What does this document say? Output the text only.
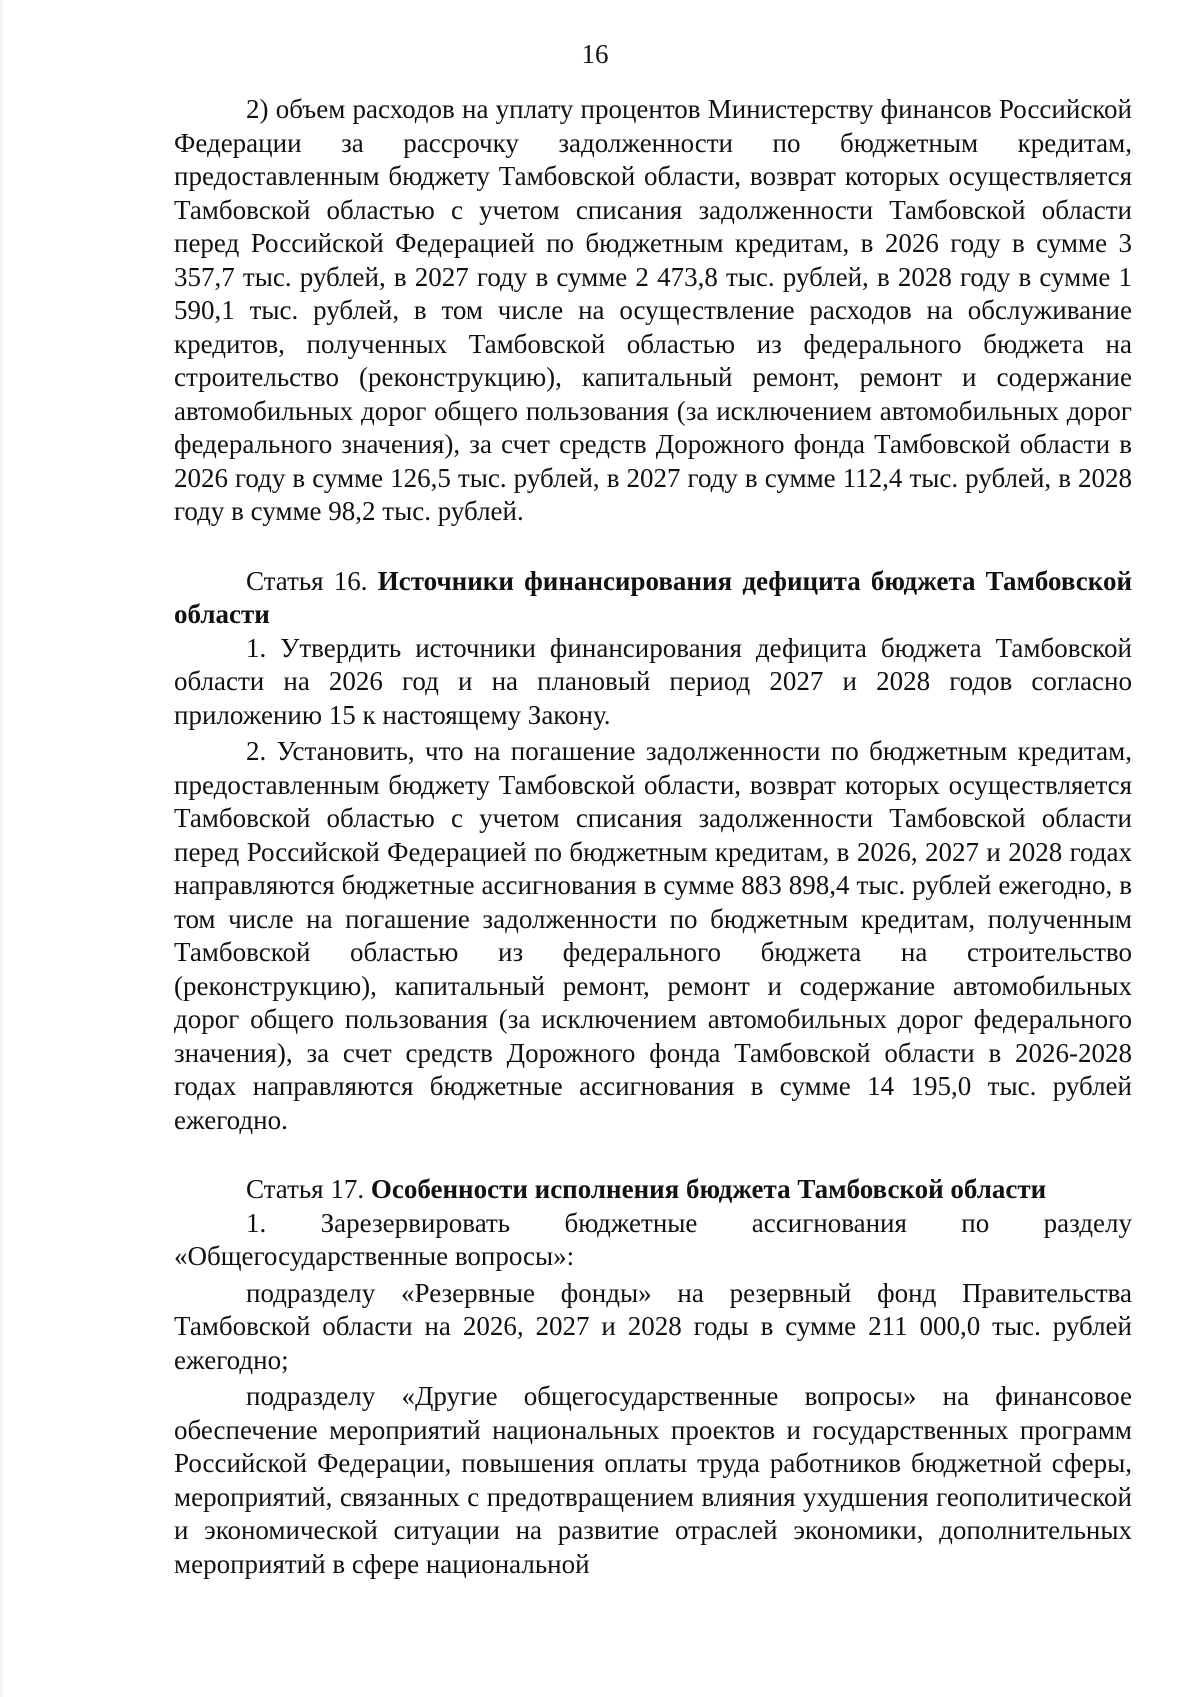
16

2) объем расходов на уплату процентов Министерству финансов Российской Федерации за рассрочку задолженности по бюджетным кредитам, предоставленным бюджету Тамбовской области, возврат которых осуществляется Тамбовской областью с учетом списания задолженности Тамбовской области перед Российской Федерацией по бюджетным кредитам, в 2026 году в сумме 3 357,7 тыс. рублей, в 2027 году в сумме 2 473,8 тыс. рублей, в 2028 году в сумме 1 590,1 тыс. рублей, в том числе на осуществление расходов на обслуживание кредитов, полученных Тамбовской областью из федерального бюджета на строительство (реконструкцию), капитальный ремонт, ремонт и содержание автомобильных дорог общего пользования (за исключением автомобильных дорог федерального значения), за счет средств Дорожного фонда Тамбовской области в 2026 году в сумме 126,5 тыс. рублей, в 2027 году в сумме 112,4 тыс. рублей, в 2028 году в сумме 98,2 тыс. рублей.

Статья 16. Источники финансирования дефицита бюджета Тамбовской области

1. Утвердить источники финансирования дефицита бюджета Тамбовской области на 2026 год и на плановый период 2027 и 2028 годов согласно приложению 15 к настоящему Закону.

2. Установить, что на погашение задолженности по бюджетным кредитам, предоставленным бюджету Тамбовской области, возврат которых осуществляется Тамбовской областью с учетом списания задолженности Тамбовской области перед Российской Федерацией по бюджетным кредитам, в 2026, 2027 и 2028 годах направляются бюджетные ассигнования в сумме 883 898,4 тыс. рублей ежегодно, в том числе на погашение задолженности по бюджетным кредитам, полученным Тамбовской областью из федерального бюджета на строительство (реконструкцию), капитальный ремонт, ремонт и содержание автомобильных дорог общего пользования (за исключением автомобильных дорог федерального значения), за счет средств Дорожного фонда Тамбовской области в 2026-2028 годах направляются бюджетные ассигнования в сумме 14 195,0 тыс. рублей ежегодно.

Статья 17. Особенности исполнения бюджета Тамбовской области

1. Зарезервировать бюджетные ассигнования по разделу «Общегосударственные вопросы»:

подразделу «Резервные фонды» на резервный фонд Правительства Тамбовской области на 2026, 2027 и 2028 годы в сумме 211 000,0 тыс. рублей ежегодно;

подразделу «Другие общегосударственные вопросы» на финансовое обеспечение мероприятий национальных проектов и государственных программ Российской Федерации, повышения оплаты труда работников бюджетной сферы, мероприятий, связанных с предотвращением влияния ухудшения геополитической и экономической ситуации на развитие отраслей экономики, дополнительных мероприятий в сфере национальной
